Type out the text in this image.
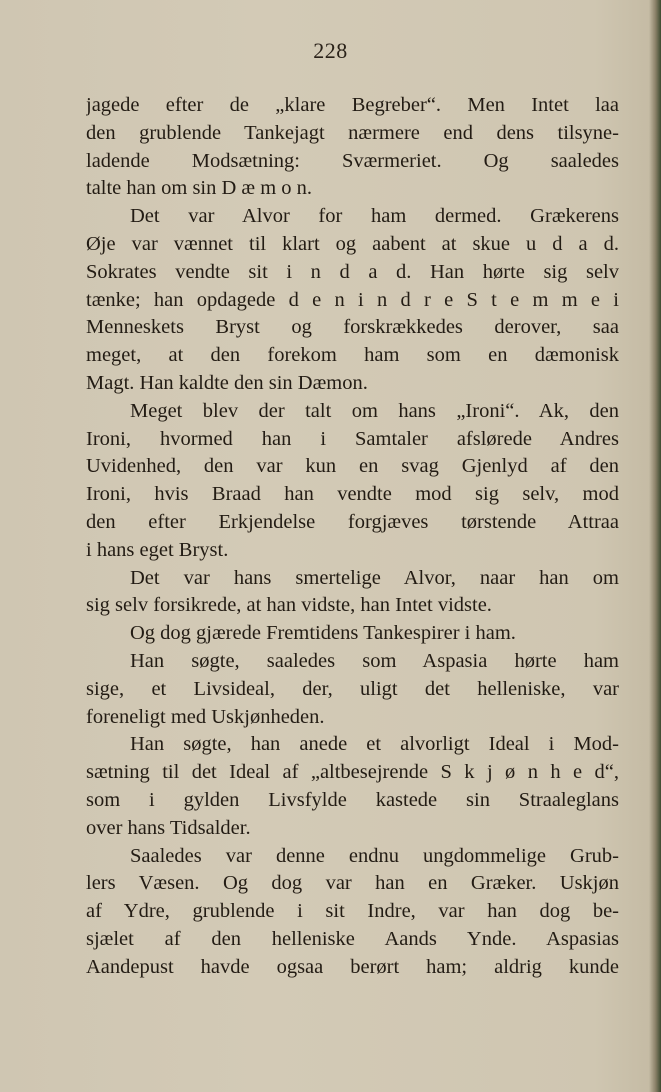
228
jagede efter de „klare Begreber“. Men Intet laa
den grublende Tankejagt nærmere end dens tilsyne-
ladende Modsætning: Sværmeriet. Og saaledes
talte han om sin D æ m o n.
Det var Alvor for ham dermed. Grækerens
Øje var vænnet til klart og aabent at skue u d a d.
Sokrates vendte sit i n d a d. Han hørte sig selv
tænke; han opdagede d e n i n d r e S t e m m e i
Menneskets Bryst og forskrækkedes derover, saa
meget, at den forekom ham som en dæmonisk
Magt. Han kaldte den sin Dæmon.
Meget blev der talt om hans „Ironi“. Ak, den
Ironi, hvormed han i Samtaler afslørede Andres
Uvidenhed, den var kun en svag Gjenlyd af den
Ironi, hvis Braad han vendte mod sig selv, mod
den efter Erkjendelse forgjæves tørstende Attraa
i hans eget Bryst.
Det var hans smertelige Alvor, naar han om
sig selv forsikrede, at han vidste, han Intet vidste.
Og dog gjærede Fremtidens Tankespirer i ham.
Han søgte, saaledes som Aspasia hørte ham
sige, et Livsideal, der, uligt det helleniske, var
foreneligt med Uskjønheden.
Han søgte, han anede et alvorligt Ideal i Mod-
sætning til det Ideal af „altbesejrende S k j ø n h e d“,
som i gylden Livsfylde kastede sin Straaleglans
over hans Tidsalder.
Saaledes var denne endnu ungdommelige Grub-
lers Væsen. Og dog var han en Græker. Uskjøn
af Ydre, grublende i sit Indre, var han dog be-
sjælet af den helleniske Aands Ynde. Aspasias
Aandepust havde ogsaa berørt ham; aldrig kunde
